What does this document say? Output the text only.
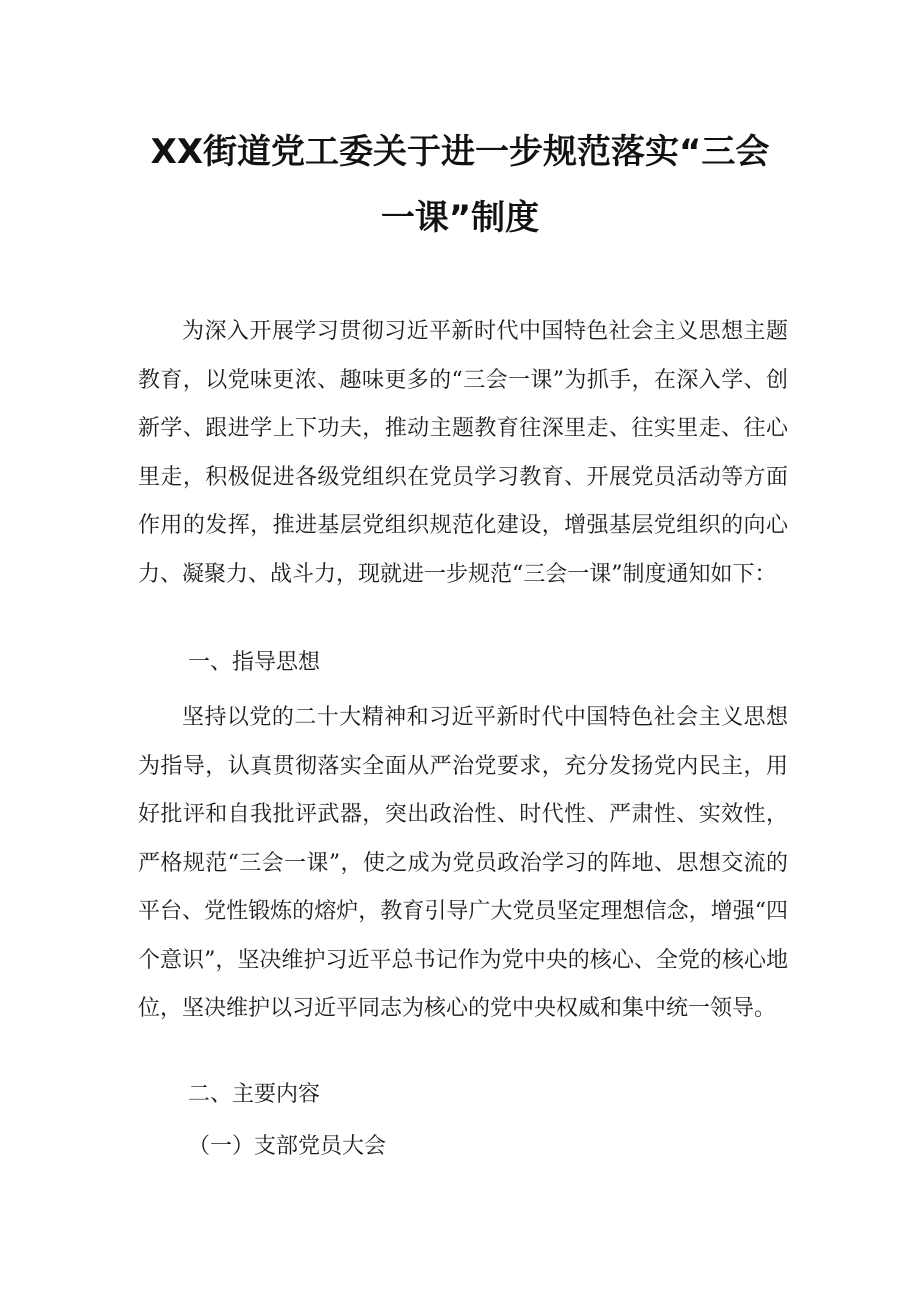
XX街道党工委关于进一步规范落实“三会
一课”制度

为深入开展学习贯彻习近平新时代中国特色社会主义思想主题教育，以党味更浓、趣味更多的“三会一课”为抓手，在深入学、创新学、跟进学上下功夫，推动主题教育往深里走、往实里走、往心里走，积极促进各级党组织在党员学习教育、开展党员活动等方面作用的发挥，推进基层党组织规范化建设，增强基层党组织的向心力、凝聚力、战斗力，现就进一步规范“三会一课”制度通知如下：

一、指导思想

坚持以党的二十大精神和习近平新时代中国特色社会主义思想为指导，认真贯彻落实全面从严治党要求，充分发扬党内民主，用好批评和自我批评武器，突出政治性、时代性、严肃性、实效性，严格规范“三会一课”，使之成为党员政治学习的阵地、思想交流的平台、党性锻炼的熔炉，教育引导广大党员坚定理想信念，增强“四个意识”，坚决维护习近平总书记作为党中央的核心、全党的核心地位，坚决维护以习近平同志为核心的党中央权威和集中统一领导。

二、主要内容

（一）支部党员大会
